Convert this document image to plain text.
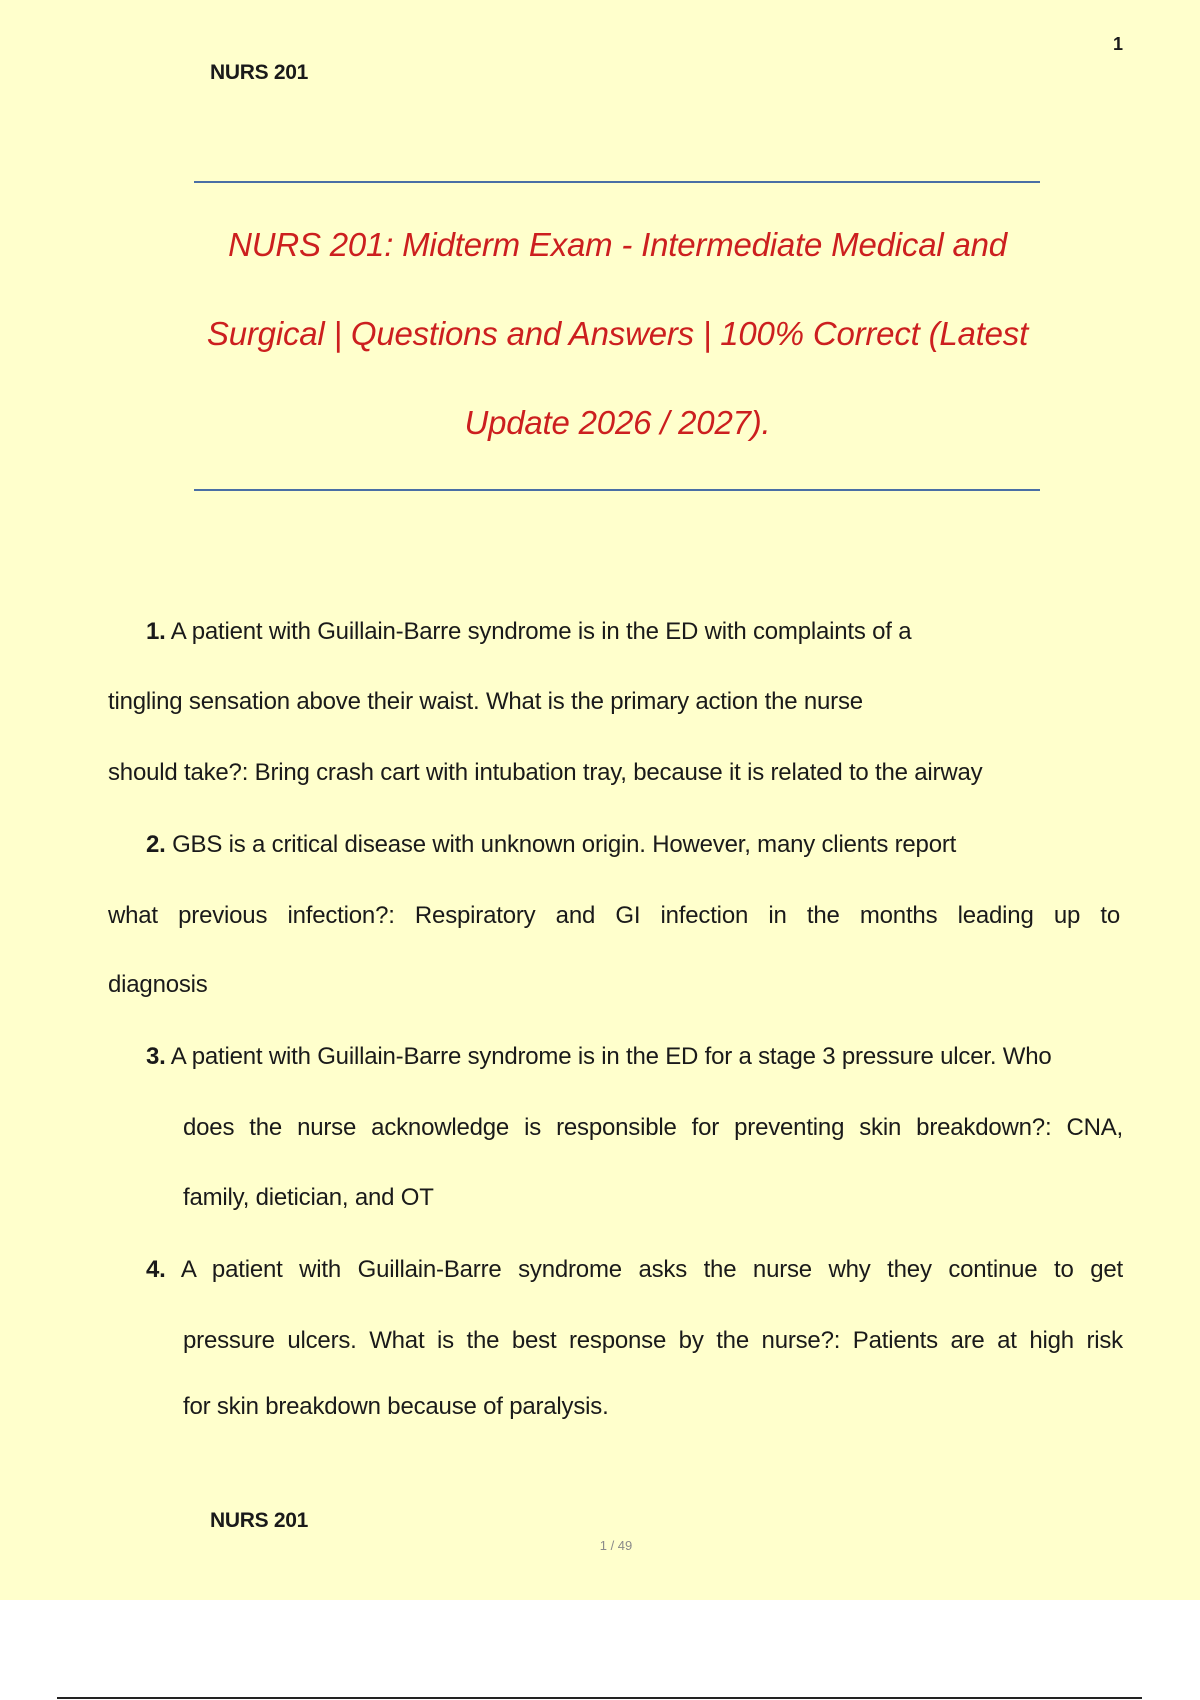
1
NURS 201
NURS 201: Midterm Exam - Intermediate Medical and
Surgical | Questions and Answers | 100% Correct (Latest
Update 2026 / 2027).
1. A patient with Guillain-Barre syndrome is in the ED with complaints of a
tingling sensation above their waist. What is the primary action the nurse
should take?: Bring crash cart with intubation tray, because it is related to the airway
2. GBS is a critical disease with unknown origin. However, many clients report
what previous infection?: Respiratory and GI infection in the months leading up to
diagnosis
3. A patient with Guillain-Barre syndrome is in the ED for a stage 3 pressure ulcer. Who
does the nurse acknowledge is responsible for preventing skin breakdown?: CNA,
family, dietician, and OT
4. A patient with Guillain-Barre syndrome asks the nurse why they continue to get
pressure ulcers. What is the best response by the nurse?: Patients are at high risk
for skin breakdown because of paralysis.
NURS 201
1 / 49
